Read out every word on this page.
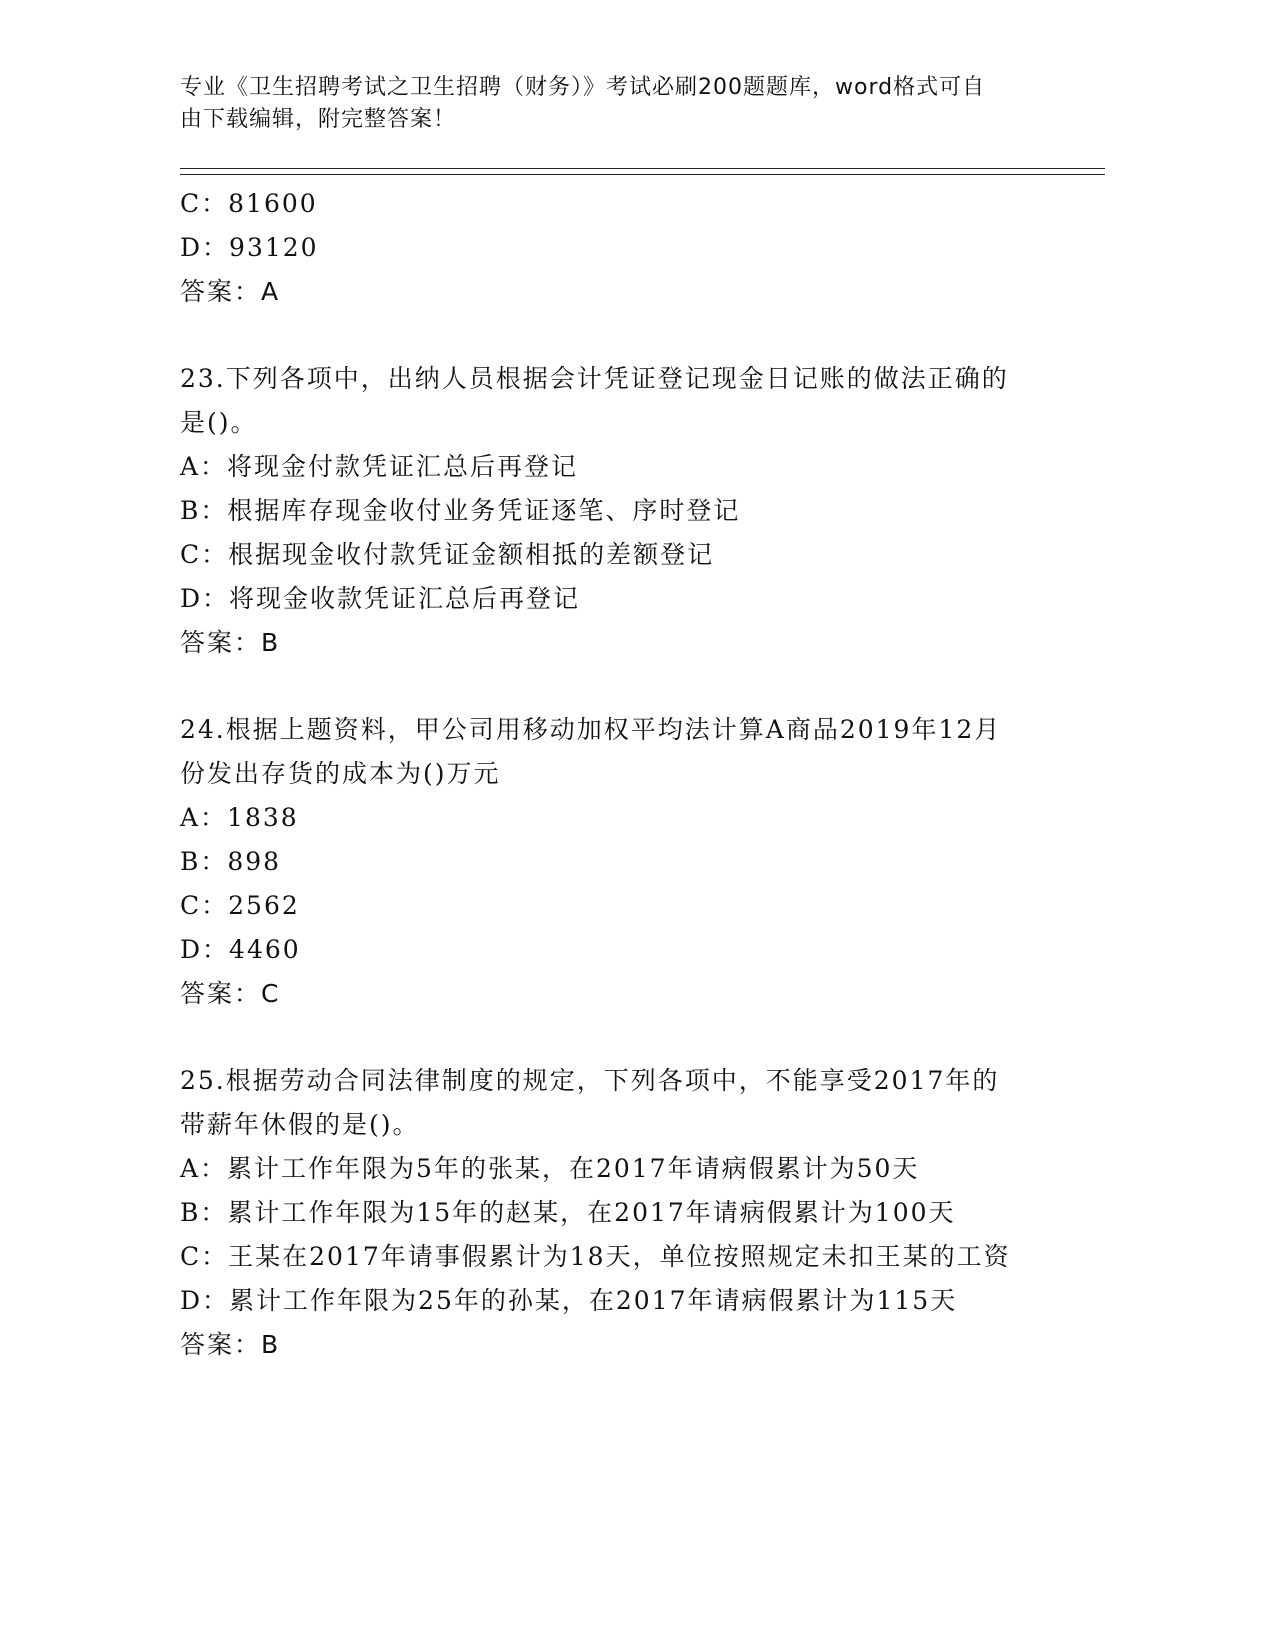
专业《卫生招聘考试之卫生招聘（财务）》考试必刷200题题库，word格式可自
由下载编辑，附完整答案！
C：81600
D：93120
答案：A
23.下列各项中，出纳人员根据会计凭证登记现金日记账的做法正确的
是()。
A：将现金付款凭证汇总后再登记
B：根据库存现金收付业务凭证逐笔、序时登记
C：根据现金收付款凭证金额相抵的差额登记
D：将现金收款凭证汇总后再登记
答案：B
24.根据上题资料，甲公司用移动加权平均法计算A商品2019年12月
份发出存货的成本为()万元
A：1838
B：898
C：2562
D：4460
答案：C
25.根据劳动合同法律制度的规定，下列各项中，不能享受2017年的
带薪年休假的是()。
A：累计工作年限为5年的张某，在2017年请病假累计为50天
B：累计工作年限为15年的赵某，在2017年请病假累计为100天
C：王某在2017年请事假累计为18天，单位按照规定未扣王某的工资
D：累计工作年限为25年的孙某，在2017年请病假累计为115天
答案：B
